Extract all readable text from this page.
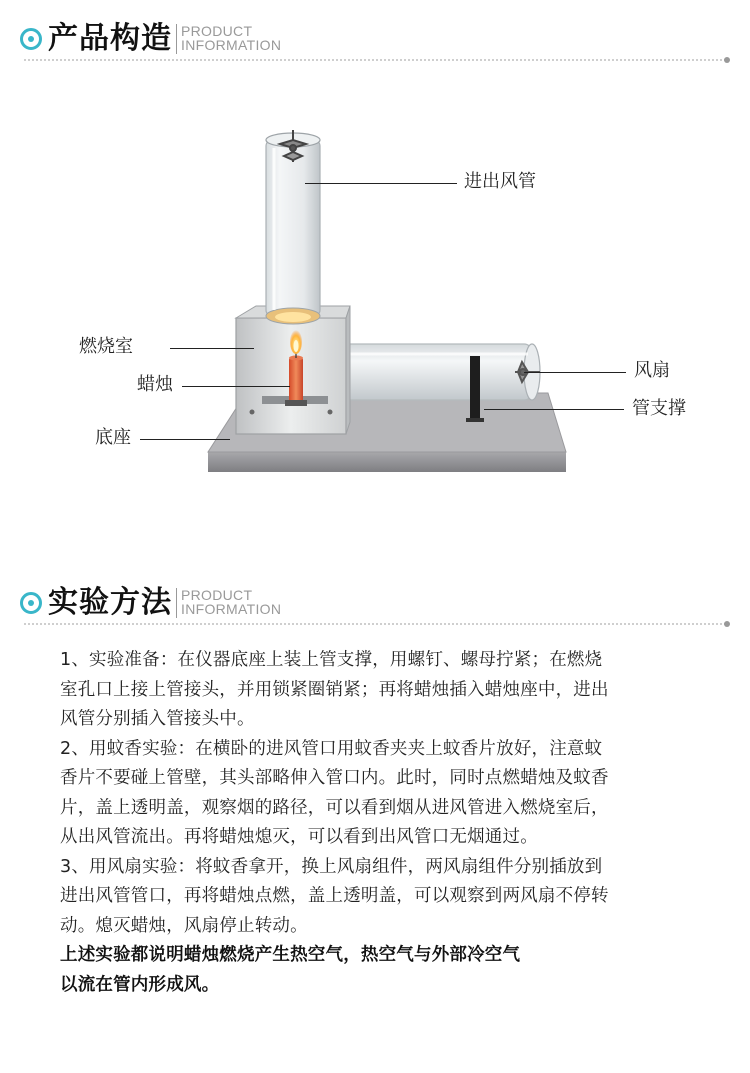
产品构造 PRODUCT
INFORMATION
进出风管
燃烧室
蜡烛
底座
风扇
管支撑
实验方法 PRODUCT
INFORMATION

1、实验准备：在仪器底座上装上管支撑，用螺钉、螺母拧紧；在燃烧

室孔口上接上管接头，并用锁紧圈销紧；再将蜡烛插入蜡烛座中，进出

风管分别插入管接头中。

2、用蚊香实验：在横卧的进风管口用蚊香夹夹上蚊香片放好，注意蚊

香片不要碰上管壁，其头部略伸入管口内。此时，同时点燃蜡烛及蚊香

片，盖上透明盖，观察烟的路径，可以看到烟从进风管进入燃烧室后，

从出风管流出。再将蜡烛熄灭，可以看到出风管口无烟通过。

3、用风扇实验：将蚊香拿开，换上风扇组件，两风扇组件分别插放到

进出风管管口，再将蜡烛点燃，盖上透明盖，可以观察到两风扇不停转

动。熄灭蜡烛，风扇停止转动。

上述实验都说明蜡烛燃烧产生热空气，热空气与外部冷空气

以流在管内形成风。
